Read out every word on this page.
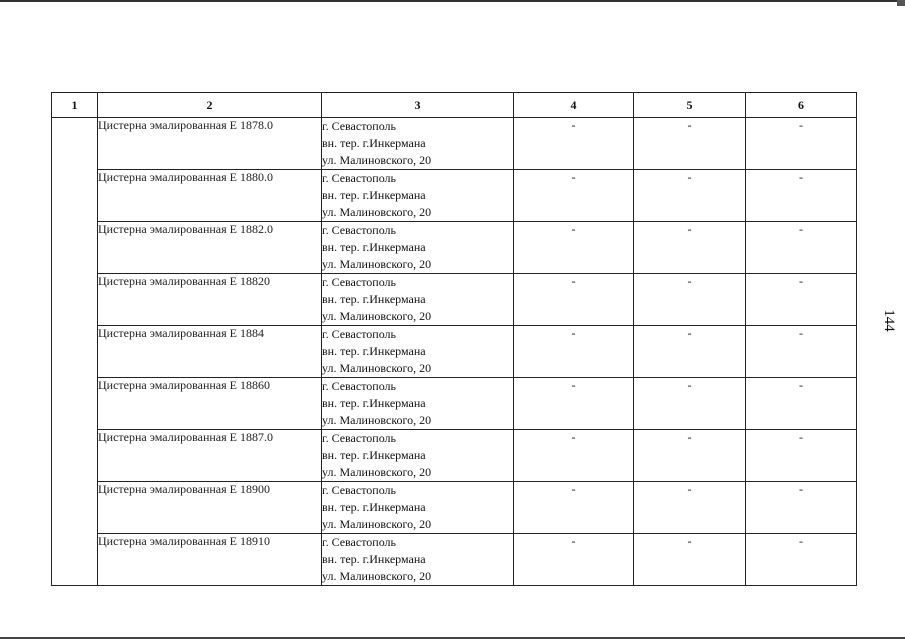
144
1	2	3	4	5	6
	Цистерна эмалированная Е 1878.0	г. Севастополь
вн. тер. г.Инкермана
ул. Малиновского, 20	-	-	-
	Цистерна эмалированная Е 1880.0	г. Севастополь
вн. тер. г.Инкермана
ул. Малиновского, 20	-	-	-
	Цистерна эмалированная Е 1882.0	г. Севастополь
вн. тер. г.Инкермана
ул. Малиновского, 20	-	-	-
	Цистерна эмалированная Е 18820	г. Севастополь
вн. тер. г.Инкермана
ул. Малиновского, 20	-	-	-
	Цистерна эмалированная Е 1884	г. Севастополь
вн. тер. г.Инкермана
ул. Малиновского, 20	-	-	-
	Цистерна эмалированная Е 18860	г. Севастополь
вн. тер. г.Инкермана
ул. Малиновского, 20	-	-	-
	Цистерна эмалированная Е 1887.0	г. Севастополь
вн. тер. г.Инкермана
ул. Малиновского, 20	-	-	-
	Цистерна эмалированная Е 18900	г. Севастополь
вн. тер. г.Инкермана
ул. Малиновского, 20	-	-	-
	Цистерна эмалированная Е 18910	г. Севастополь
вн. тер. г.Инкермана
ул. Малиновского, 20	-	-	-
